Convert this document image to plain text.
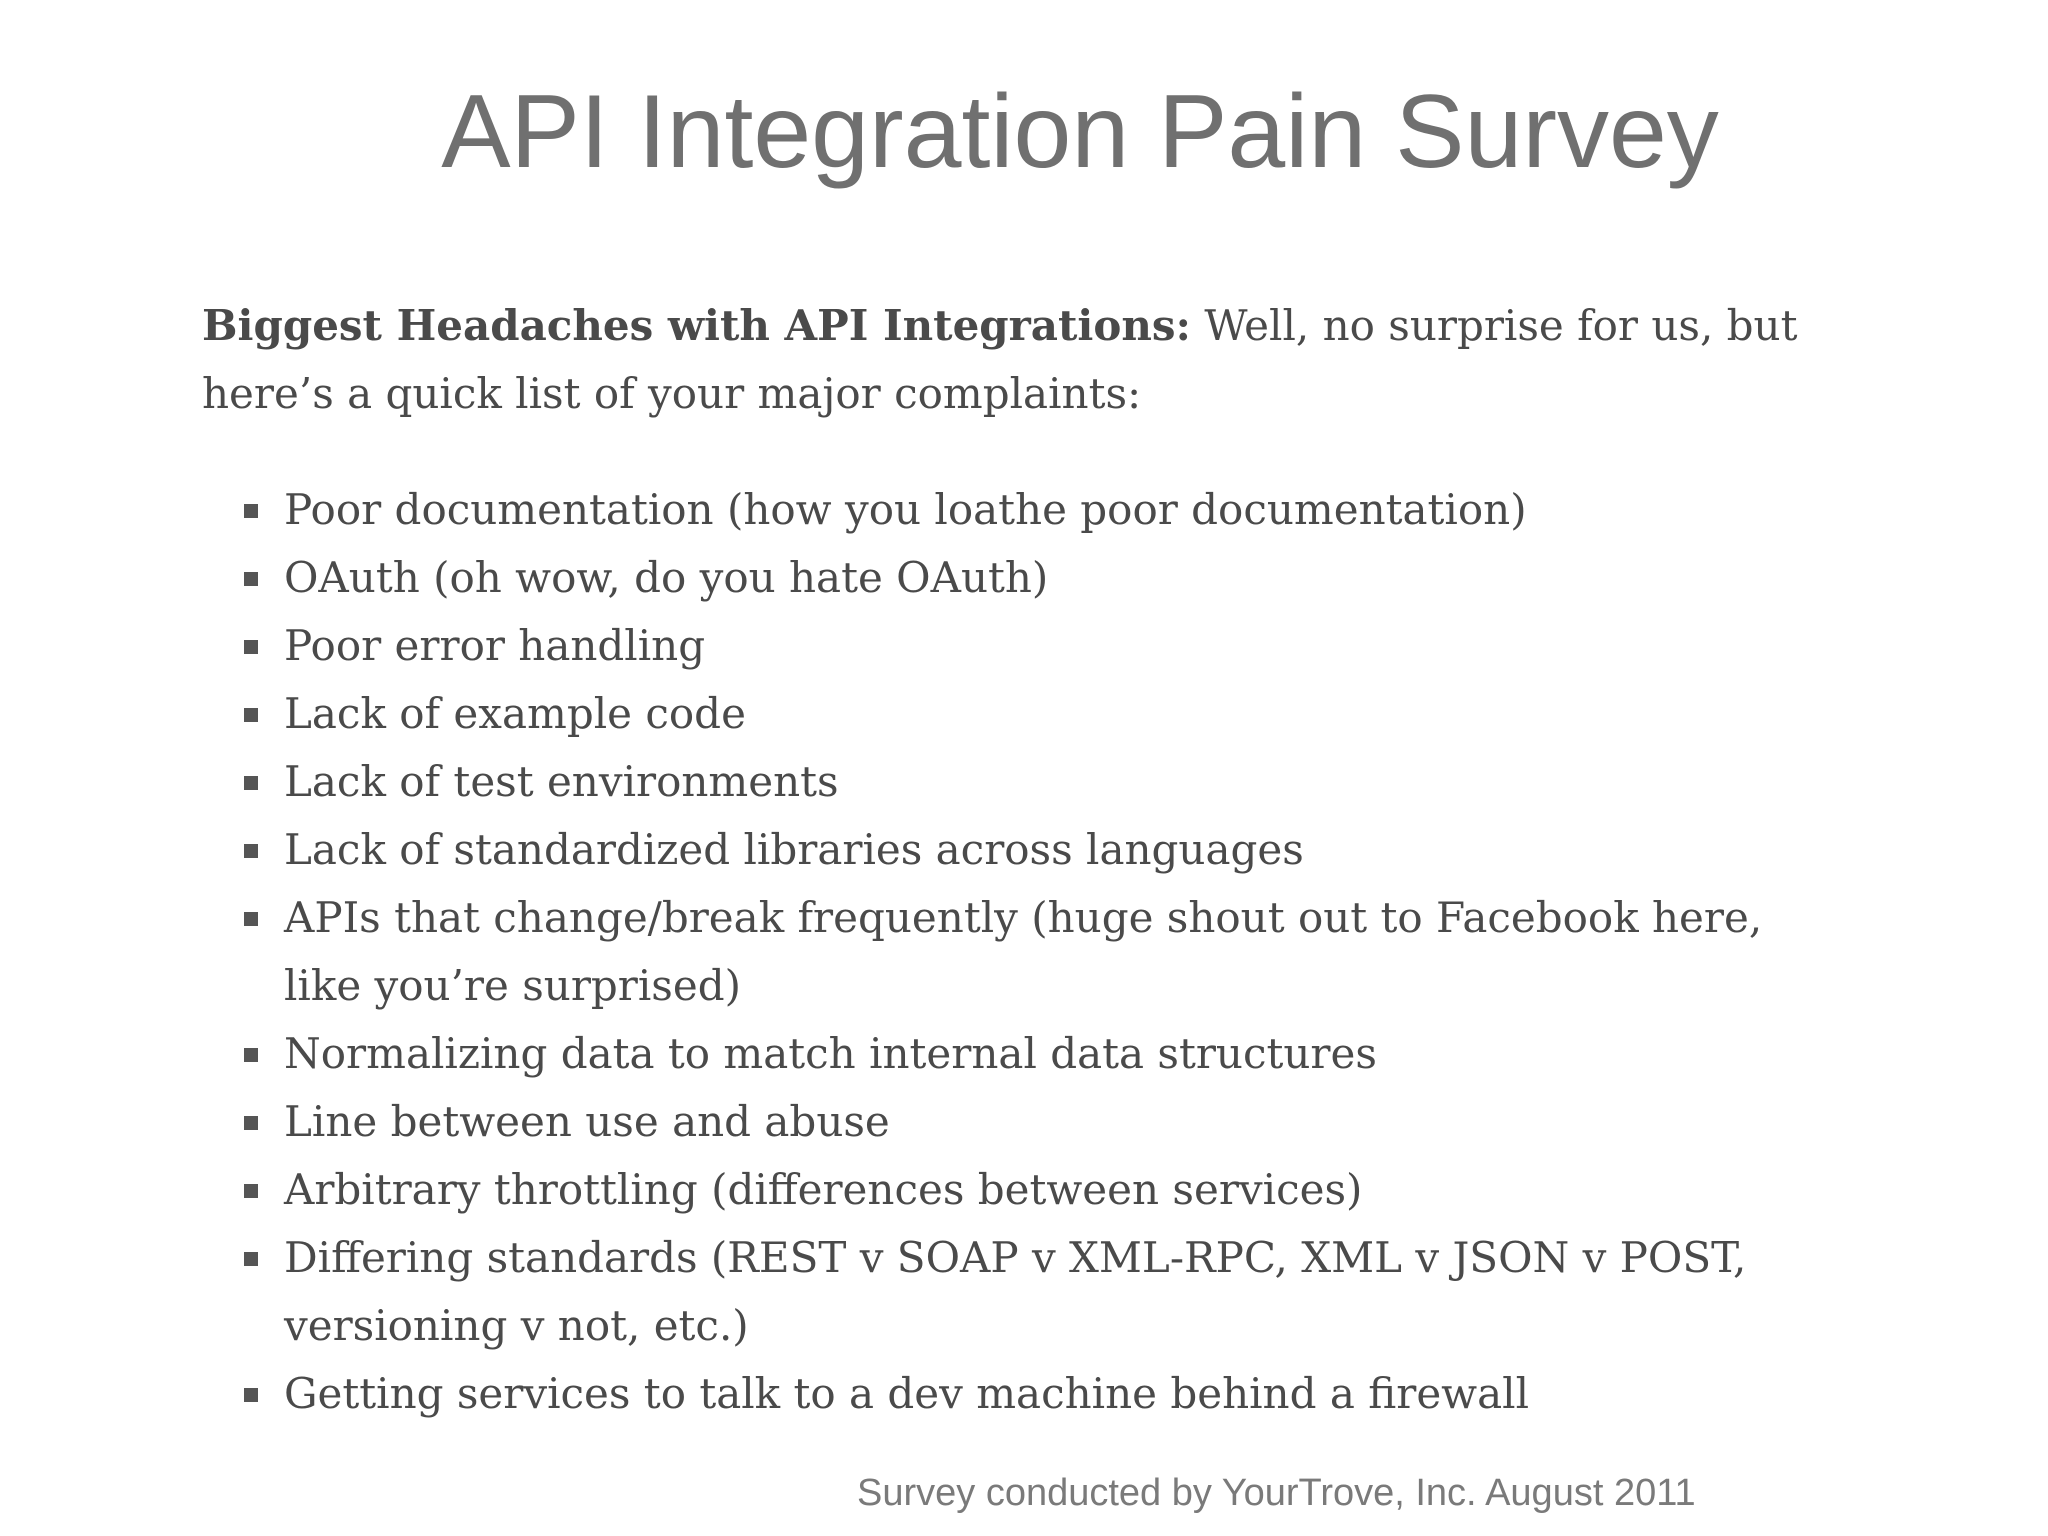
API Integration Pain Survey

Biggest Headaches with API Integrations: Well, no surprise for us, but here’s a quick list of your major complaints:

Poor documentation (how you loathe poor documentation)
OAuth (oh wow, do you hate OAuth)
Poor error handling
Lack of example code
Lack of test environments
Lack of standardized libraries across languages
APIs that change/break frequently (huge shout out to Facebook here, like you’re surprised)
Normalizing data to match internal data structures
Line between use and abuse
Arbitrary throttling (differences between services)
Differing standards (REST v SOAP v XML-RPC, XML v JSON v POST, versioning v not, etc.)
Getting services to talk to a dev machine behind a firewall
Survey conducted by YourTrove, Inc. August 2011
